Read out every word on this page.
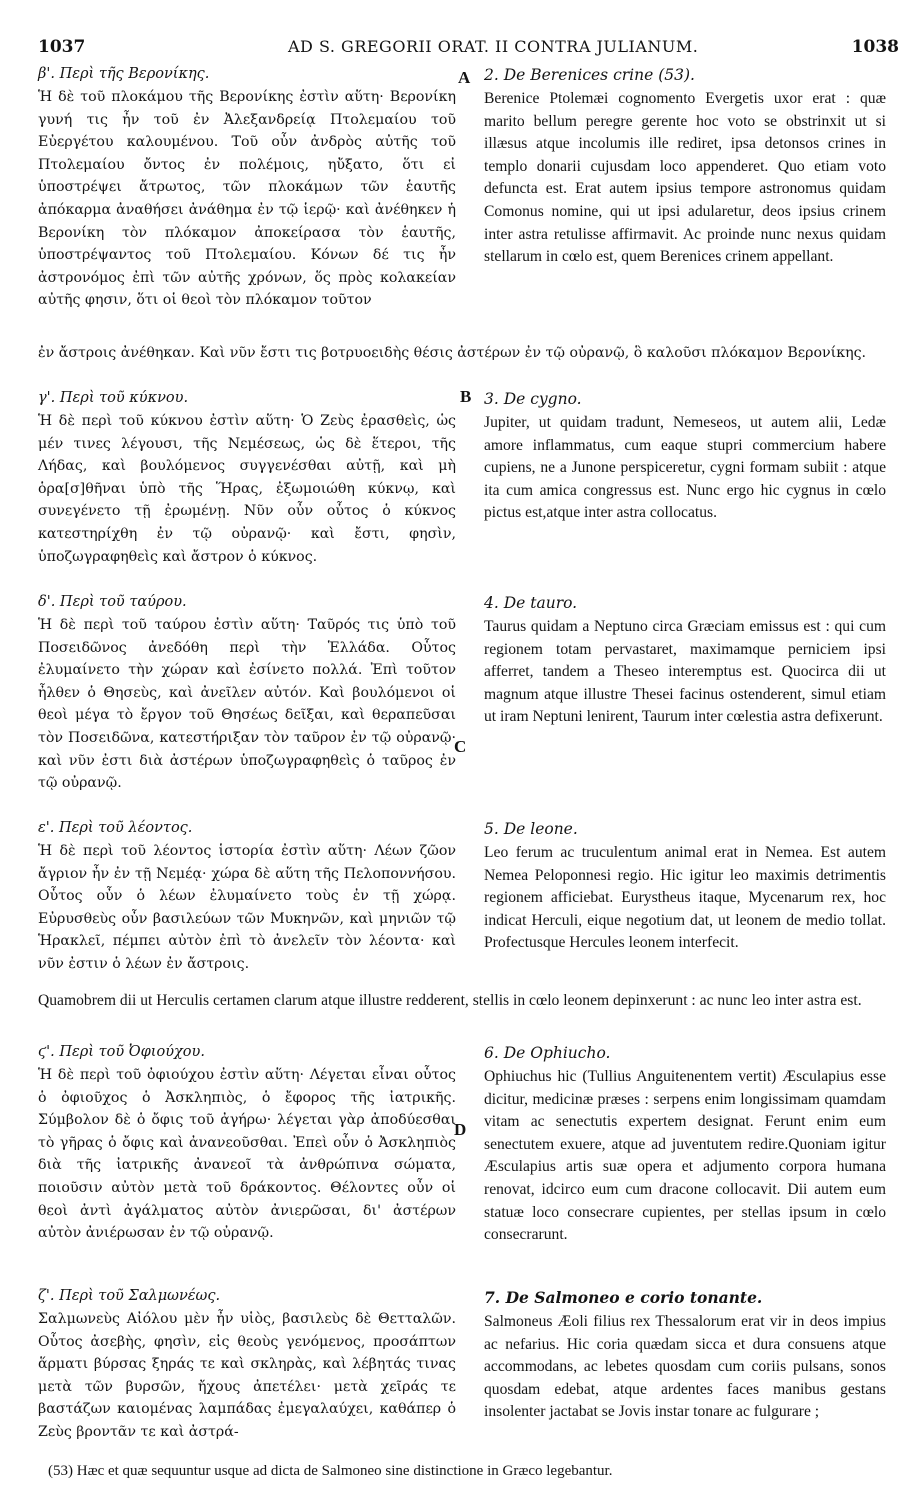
1037	AD S. GREGORII ORAT. II CONTRA JULIANUM.	1038
A
B
C
D

β'. Περὶ τῆς Βερονίκης.

Ἡ δὲ τοῦ πλοκάμου τῆς Βερονίκης ἐστὶν αὕτη· Βερονίκη γυνή τις ἦν τοῦ ἐν Ἀλεξανδρείᾳ Πτολεμαίου τοῦ Εὐεργέτου καλουμένου. Τοῦ οὖν ἀνδρὸς αὐτῆς τοῦ Πτολεμαίου ὄντος ἐν πολέμοις, ηὔξατο, ὅτι εἰ ὑποστρέψει ἄτρωτος, τῶν πλοκάμων τῶν ἑαυτῆς ἀπόκαρμα ἀναθήσει ἀνάθημα ἐν τῷ ἱερῷ· καὶ ἀνέθηκεν ἡ Βερονίκη τὸν πλόκαμον ἀποκείρασα τὸν ἑαυτῆς, ὑποστρέψαντος τοῦ Πτολεμαίου. Κόνων δέ τις ἦν ἀστρονόμος ἐπὶ τῶν αὐτῆς χρόνων, ὅς πρὸς κολακείαν αὐτῆς φησιν, ὅτι οἱ θεοὶ τὸν πλόκαμον τοῦτον

2. De Berenices crine (53).

Berenice Ptolemæi cognomento Evergetis uxor erat : quæ marito bellum peregre gerente hoc voto se obstrinxit ut si illæsus atque incolumis ille rediret, ipsa detonsos crines in templo donarii cujusdam loco appenderet. Quo etiam voto defuncta est. Erat autem ipsius tempore astronomus quidam Comonus nomine, qui ut ipsi adularetur, deos ipsius crinem inter astra retulisse affirmavit. Ac proinde nunc nexus quidam stellarum in cœlo est, quem Berenices crinem appellant.

ἐν ἄστροις ἀνέθηκαν. Καὶ νῦν ἔστι τις βοτρυοειδὴς θέσις ἀστέρων ἐν τῷ οὐρανῷ, ὃ καλοῦσι πλόκαμον Βερονίκης.

γ'. Περὶ τοῦ κύκνου.

Ἡ δὲ περὶ τοῦ κύκνου ἐστὶν αὕτη· Ὁ Ζεὺς ἐρασθεὶς, ὡς μέν τινες λέγουσι, τῆς Νεμέσεως, ὡς δὲ ἕτεροι, τῆς Λήδας, καὶ βουλόμενος συγγενέσθαι αὐτῇ, καὶ μὴ ὁρα[σ]θῆναι ὑπὸ τῆς Ἥρας, ἐξωμοιώθη κύκνῳ, καὶ συνεγένετο τῇ ἐρωμένῃ. Νῦν οὖν οὗτος ὁ κύκνος κατεστηρίχθη ἐν τῷ οὐρανῷ· καὶ ἔστι, φησὶν, ὑποζωγραφηθεὶς καὶ ἄστρον ὁ κύκνος.

3. De cygno.

Jupiter, ut quidam tradunt, Nemeseos, ut autem alii, Ledæ amore inflammatus, cum eaque stupri commercium habere cupiens, ne a Junone perspiceretur, cygni formam subiit : atque ita cum amica congressus est. Nunc ergo hic cygnus in cœlo pictus est,atque inter astra collocatus.

δ'. Περὶ τοῦ ταύρου.

Ἡ δὲ περὶ τοῦ ταύρου ἐστὶν αὕτη· Ταῦρός τις ὑπὸ τοῦ Ποσειδῶνος ἀνεδόθη περὶ τὴν Ἑλλάδα. Οὗτος ἐλυμαίνετο τὴν χώραν καὶ ἐσίνετο πολλά. Ἐπὶ τοῦτον ἦλθεν ὁ Θησεὺς, καὶ ἀνεῖλεν αὐτόν. Καὶ βουλόμενοι οἱ θεοὶ μέγα τὸ ἔργον τοῦ Θησέως δεῖξαι, καὶ θεραπεῦσαι τὸν Ποσειδῶνα, κατεστήριξαν τὸν ταῦρον ἐν τῷ οὐρανῷ· καὶ νῦν ἐστι διὰ ἀστέρων ὑποζωγραφηθεὶς ὁ ταῦρος ἐν τῷ οὐρανῷ.

4. De tauro.

Taurus quidam a Neptuno circa Græciam emissus est : qui cum regionem totam pervastaret, maximamque perniciem ipsi afferret, tandem a Theseo interemptus est. Quocirca dii ut magnum atque illustre Thesei facinus ostenderent, simul etiam ut iram Neptuni lenirent, Taurum inter cœlestia astra defixerunt.

ε'. Περὶ τοῦ λέοντος.

Ἡ δὲ περὶ τοῦ λέοντος ἱστορία ἐστὶν αὕτη· Λέων ζῶον ἄγριον ἦν ἐν τῇ Νεμέᾳ· χώρα δὲ αὕτη τῆς Πελοποννήσου. Οὗτος οὖν ὁ λέων ἐλυμαίνετο τοὺς ἐν τῇ χώρᾳ. Εὐρυσθεὺς οὖν βασιλεύων τῶν Μυκηνῶν, καὶ μηνιῶν τῷ Ἡρακλεῖ, πέμπει αὐτὸν ἐπὶ τὸ ἀνελεῖν τὸν λέοντα· καὶ νῦν ἐστιν ὁ λέων ἐν ἄστροις.

5. De leone.

Leo ferum ac truculentum animal erat in Nemea. Est autem Nemea Peloponnesi regio. Hic igitur leo maximis detrimentis regionem afficiebat. Eurystheus itaque, Mycenarum rex, hoc indicat Herculi, eique negotium dat, ut leonem de medio tollat. Profectusque Hercules leonem interfecit.

Quamobrem dii ut Herculis certamen clarum atque illustre redderent, stellis in cœlo leonem depinxerunt : ac nunc leo inter astra est.

ϛ'. Περὶ τοῦ Ὀφιούχου.

Ἡ δὲ περὶ τοῦ ὀφιούχου ἐστὶν αὕτη· Λέγεται εἶναι οὗτος ὁ ὀφιοῦχος ὁ Ἀσκληπιὸς, ὁ ἔφορος τῆς ἰατρικῆς. Σύμβολον δὲ ὁ ὄφις τοῦ ἀγήρω· λέγεται γὰρ ἀποδύεσθαι τὸ γῆρας ὁ ὄφις καὶ ἀνανεοῦσθαι. Ἐπεὶ οὖν ὁ Ἀσκληπιὸς διὰ τῆς ἰατρικῆς ἀνανεοῖ τὰ ἀνθρώπινα σώματα, ποιοῦσιν αὐτὸν μετὰ τοῦ δράκοντος. Θέλοντες οὖν οἱ θεοὶ ἀντὶ ἀγάλματος αὐτὸν ἀνιερῶσαι, δι' ἀστέρων αὐτὸν ἀνιέρωσαν ἐν τῷ οὐρανῷ.

6. De Ophiucho.

Ophiuchus hic (Tullius Anguitenentem vertit) Æsculapius esse dicitur, medicinæ præses : serpens enim longissimam quamdam vitam ac senectutis expertem designat. Ferunt enim eum senectutem exuere, atque ad juventutem redire.Quoniam igitur Æsculapius artis suæ opera et adjumento corpora humana renovat, idcirco eum cum dracone collocavit. Dii autem eum statuæ loco consecrare cupientes, per stellas ipsum in cœlo consecrarunt.

ζ'. Περὶ τοῦ Σαλμωνέως.

Σαλμωνεὺς Αἰόλου μὲν ἦν υἱὸς, βασιλεὺς δὲ Θετταλῶν. Οὗτος ἀσεβὴς, φησὶν, εἰς θεοὺς γενόμενος, προσάπτων ἅρματι βύρσας ξηράς τε καὶ σκληρὰς, καὶ λέβητάς τινας μετὰ τῶν βυρσῶν, ἤχους ἀπετέλει· μετὰ χεῖράς τε βαστάζων καιομένας λαμπάδας ἐμεγαλαύχει, καθάπερ ὁ Ζεὺς βροντᾶν τε καὶ ἀστρά-

7. De Salmoneo e corio tonante.

Salmoneus Æoli filius rex Thessalorum erat vir in deos impius ac nefarius. Hic coria quædam sicca et dura consuens atque accommodans, ac lebetes quosdam cum coriis pulsans, sonos quosdam edebat, atque ardentes faces manibus gestans insolenter jactabat se Jovis instar tonare ac fulgurare ;

(53) Hæc et quæ sequuntur usque ad dicta de Salmoneo sine distinctione in Græco legebantur.
